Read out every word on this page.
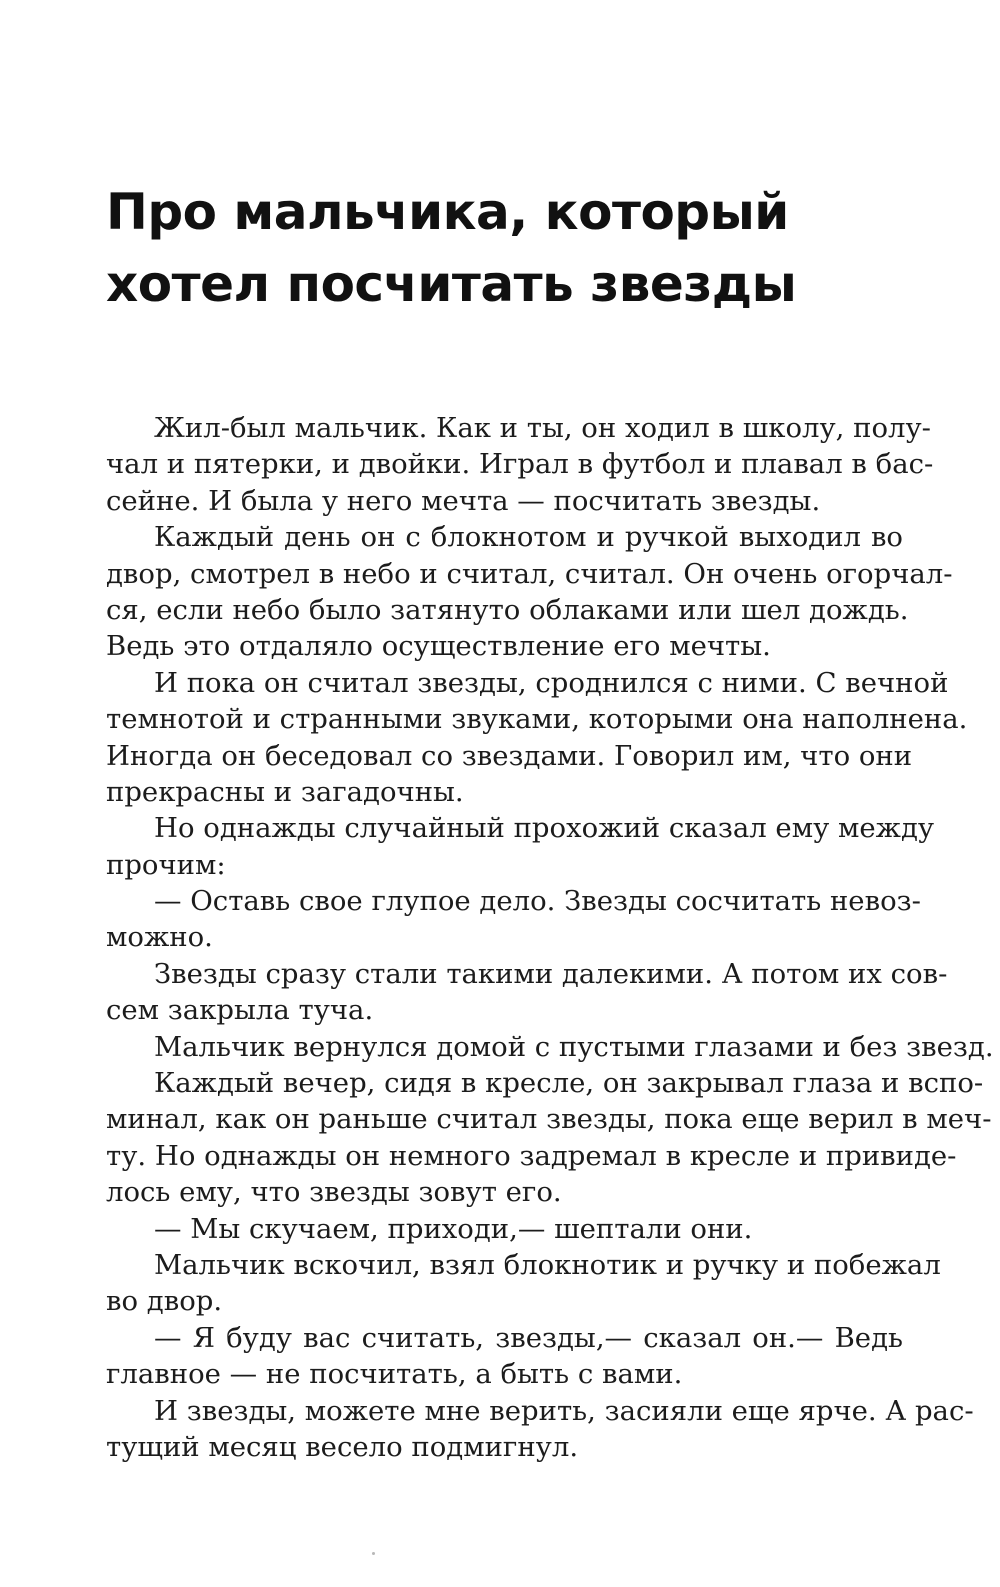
Про мальчика, который
хотел посчитать звезды
Жил-был мальчик. Как и ты, он ходил в школу, полу-
чал и пятерки, и двойки. Играл в футбол и плавал в бас-
сейне. И была у него мечта — посчитать звезды.
Каждый день он с блокнотом и ручкой выходил во
двор, смотрел в небо и считал, считал. Он очень огорчал-
ся, если небо было затянуто облаками или шел дождь.
Ведь это отдаляло осуществление его мечты.
И пока он считал звезды, сроднился с ними. С вечной
темнотой и странными звуками, которыми она наполнена.
Иногда он беседовал со звездами. Говорил им, что они
прекрасны и загадочны.
Но однажды случайный прохожий сказал ему между
прочим:
— Оставь свое глупое дело. Звезды сосчитать невоз-
можно.
Звезды сразу стали такими далекими. А потом их сов-
сем закрыла туча.
Мальчик вернулся домой с пустыми глазами и без звезд.
Каждый вечер, сидя в кресле, он закрывал глаза и вспо-
минал, как он раньше считал звезды, пока еще верил в меч-
ту. Но однажды он немного задремал в кресле и привиде-
лось ему, что звезды зовут его.
— Мы скучаем, приходи,— шептали они.
Мальчик вскочил, взял блокнотик и ручку и побежал
во двор.
— Я буду вас считать, звезды,— сказал он.— Ведь
главное — не посчитать, а быть с вами.
И звезды, можете мне верить, засияли еще ярче. А рас-
тущий месяц весело подмигнул.
